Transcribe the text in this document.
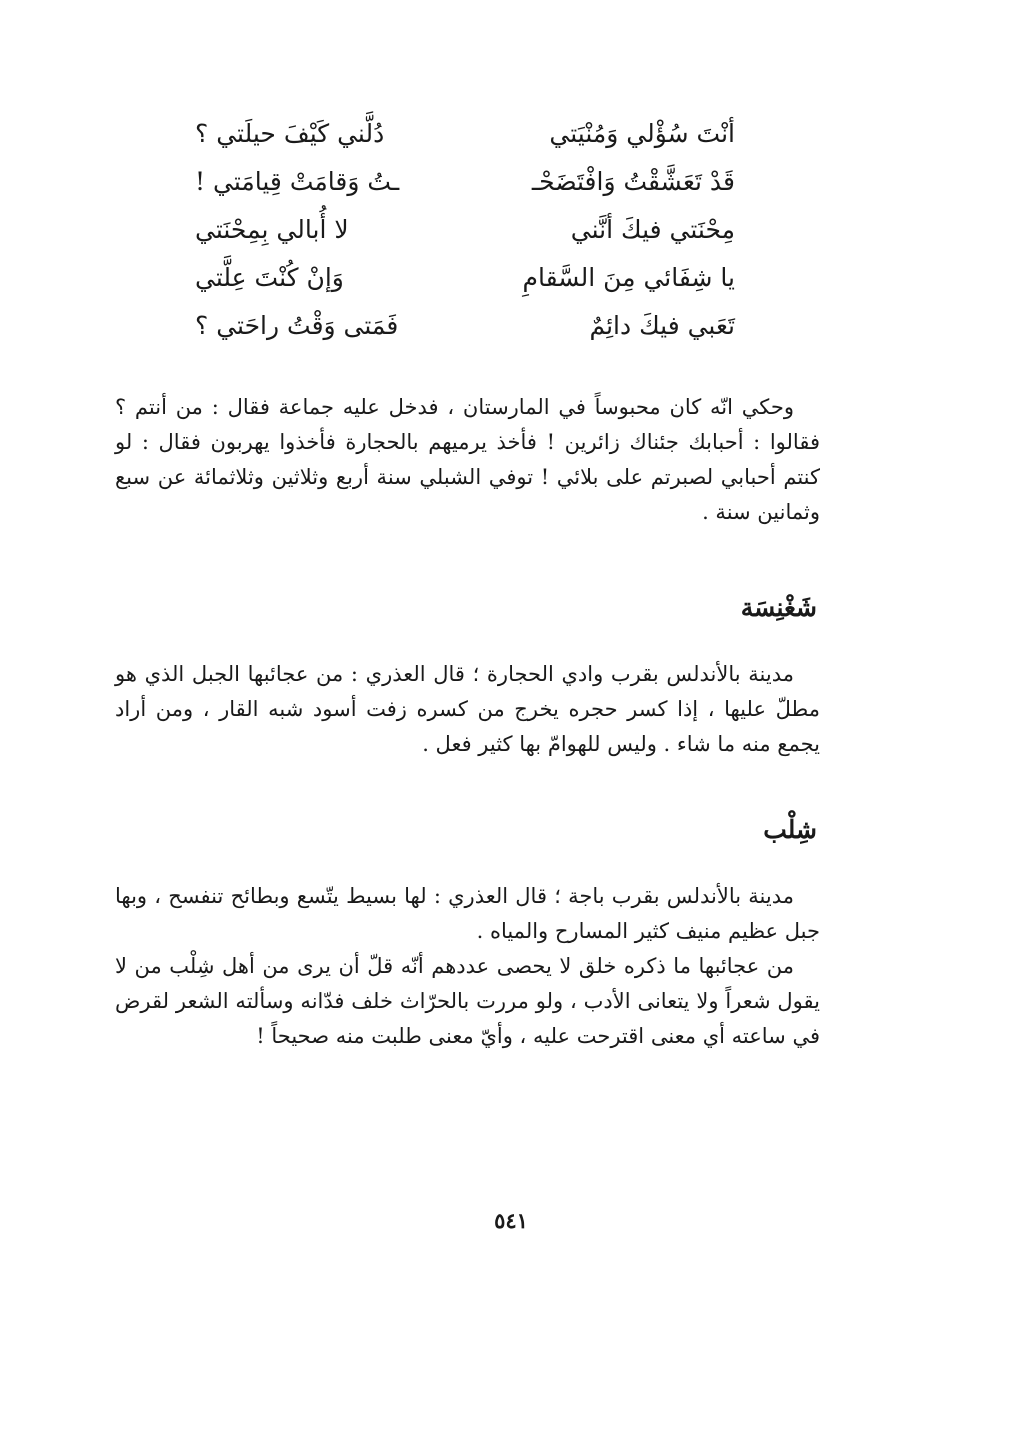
أنْتَ سُؤْلي وَمُنْيَتي
دُلَّني كَيْفَ حيلَتي ؟
قَدْ تَعَشَّقْتُ وَافْتَضَحْـ
ـتُ وَقامَتْ قِيامَتي !
مِحْنَتي فيكَ أنَّني
لا أُبالي بِمِحْنَتي
يا شِفَائي مِنَ السَّقامِ
وَإنْ كُنْتَ عِلَّتي
تَعَبي فيكَ دائِمٌ
فَمَتى وَقْتُ راحَتي ؟

وحكي انّه كان محبوساً في المارستان ، فدخل عليه جماعة فقال : من أنتم ؟ فقالوا : أحبابك جئناك زائرين ! فأخذ يرميهم بالحجارة فأخذوا يهربون فقال : لو كنتم أحبابي لصبرتم على بلائي ! توفي الشبلي سنة أربع وثلاثين وثلاثمائة عن سبع وثمانين سنة .

شَغْنِسَة

مدينة بالأندلس بقرب وادي الحجارة ؛ قال العذري : من عجائبها الجبل الذي هو مطلّ عليها ، إذا كسر حجره يخرج من كسره زفت أسود شبه القار ، ومن أراد يجمع منه ما شاء . وليس للهوامّ بها كثير فعل .

شِلْب

مدينة بالأندلس بقرب باجة ؛ قال العذري : لها بسيط يتّسع وبطائح تنفسح ، وبها جبل عظيم منيف كثير المسارح والمياه .

من عجائبها ما ذكره خلق لا يحصى عددهم أنّه قلّ أن يرى من أهل شِلْب من لا يقول شعراً ولا يتعانى الأدب ، ولو مررت بالحرّاث خلف فدّانه وسألته الشعر لقرض في ساعته أي معنى اقترحت عليه ، وأيّ معنى طلبت منه صحيحاً !

٥٤١
